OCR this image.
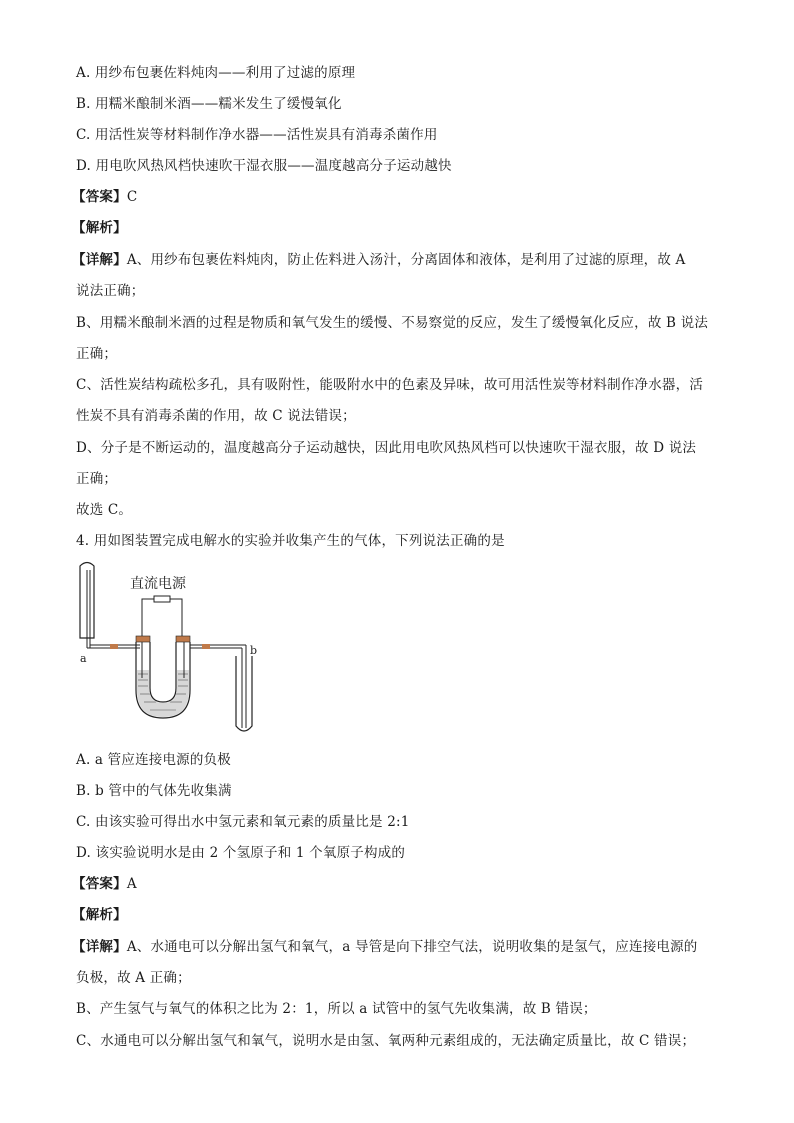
A. 用纱布包裹佐料炖肉——利用了过滤的原理
B. 用糯米酿制米酒——糯米发生了缓慢氧化
C. 用活性炭等材料制作净水器——活性炭具有消毒杀菌作用
D. 用电吹风热风档快速吹干湿衣服——温度越高分子运动越快
【答案】C
【解析】
【详解】A、用纱布包裹佐料炖肉，防止佐料进入汤汁，分离固体和液体，是利用了过滤的原理，故 A
说法正确；
B、用糯米酿制米酒的过程是物质和氧气发生的缓慢、不易察觉的反应，发生了缓慢氧化反应，故 B 说法
正确；
C、活性炭结构疏松多孔，具有吸附性，能吸附水中的色素及异味，故可用活性炭等材料制作净水器，活
性炭不具有消毒杀菌的作用，故 C 说法错误；
D、分子是不断运动的，温度越高分子运动越快，因此用电吹风热风档可以快速吹干湿衣服，故 D 说法
正确；
故选 C。
4. 用如图装置完成电解水的实验并收集产生的气体，下列说法正确的是
a
直流电源
b
A. a 管应连接电源的负极
B. b 管中的气体先收集满
C. 由该实验可得出水中氢元素和氧元素的质量比是 2:1
D. 该实验说明水是由 2 个氢原子和 1 个氧原子构成的
【答案】A
【解析】
【详解】A、水通电可以分解出氢气和氧气，a 导管是向下排空气法，说明收集的是氢气，应连接电源的
负极，故 A 正确；
B、产生氢气与氧气的体积之比为 2：1，所以 a 试管中的氢气先收集满，故 B 错误；
C、水通电可以分解出氢气和氧气，说明水是由氢、氧两种元素组成的，无法确定质量比，故 C 错误；
